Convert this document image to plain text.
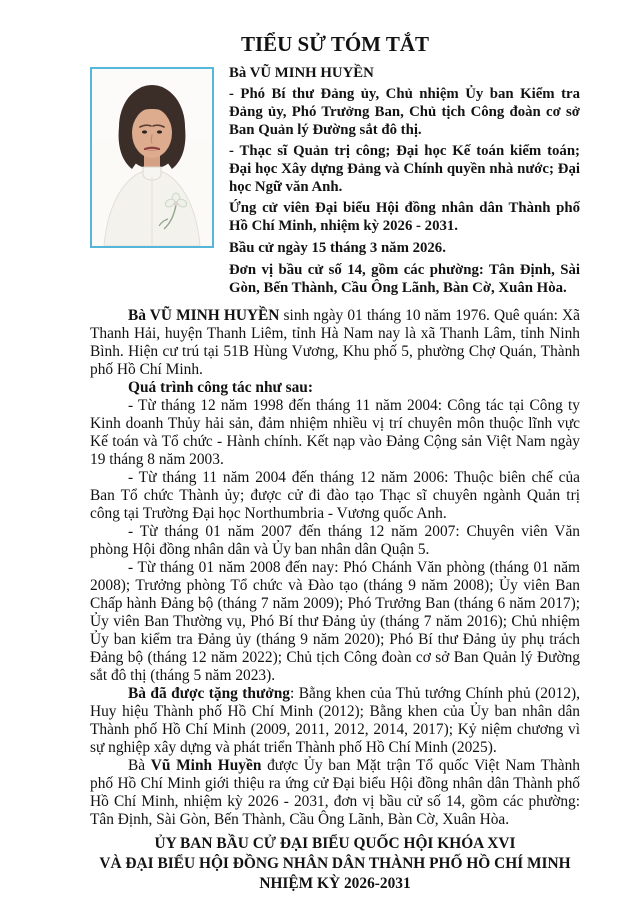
TIỂU SỬ TÓM TẮT

Bà VŨ MINH HUYỀN

- Phó Bí thư Đảng ủy, Chủ nhiệm Ủy ban Kiểm tra Đảng ủy, Phó Trưởng Ban, Chủ tịch Công đoàn cơ sở Ban Quản lý Đường sắt đô thị.

- Thạc sĩ Quản trị công; Đại học Kế toán kiểm toán; Đại học Xây dựng Đảng và Chính quyền nhà nước; Đại học Ngữ văn Anh.

Ứng cử viên Đại biểu Hội đồng nhân dân Thành phố Hồ Chí Minh, nhiệm kỳ 2026 - 2031.

Bầu cử ngày 15 tháng 3 năm 2026.

Đơn vị bầu cử số 14, gồm các phường: Tân Định, Sài Gòn, Bến Thành, Cầu Ông Lãnh, Bàn Cờ, Xuân Hòa.

Bà VŨ MINH HUYỀN sinh ngày 01 tháng 10 năm 1976. Quê quán: Xã Thanh Hải, huyện Thanh Liêm, tỉnh Hà Nam nay là xã Thanh Lâm, tỉnh Ninh Bình. Hiện cư trú tại 51B Hùng Vương, Khu phố 5, phường Chợ Quán, Thành phố Hồ Chí Minh.

Quá trình công tác như sau:

- Từ tháng 12 năm 1998 đến tháng 11 năm 2004: Công tác tại Công ty Kinh doanh Thủy hải sản, đảm nhiệm nhiều vị trí chuyên môn thuộc lĩnh vực Kế toán và Tổ chức - Hành chính. Kết nạp vào Đảng Cộng sản Việt Nam ngày 19 tháng 8 năm 2003.

- Từ tháng 11 năm 2004 đến tháng 12 năm 2006: Thuộc biên chế của Ban Tổ chức Thành ủy; được cử đi đào tạo Thạc sĩ chuyên ngành Quản trị công tại Trường Đại học Northumbria - Vương quốc Anh.

- Từ tháng 01 năm 2007 đến tháng 12 năm 2007: Chuyên viên Văn phòng Hội đồng nhân dân và Ủy ban nhân dân Quận 5.

- Từ tháng 01 năm 2008 đến nay: Phó Chánh Văn phòng (tháng 01 năm 2008); Trưởng phòng Tổ chức và Đào tạo (tháng 9 năm 2008); Ủy viên Ban Chấp hành Đảng bộ (tháng 7 năm 2009); Phó Trưởng Ban (tháng 6 năm 2017); Ủy viên Ban Thường vụ, Phó Bí thư Đảng ủy (tháng 7 năm 2016); Chủ nhiệm Ủy ban kiểm tra Đảng ủy (tháng 9 năm 2020); Phó Bí thư Đảng ủy phụ trách Đảng bộ (tháng 12 năm 2022); Chủ tịch Công đoàn cơ sở Ban Quản lý Đường sắt đô thị (tháng 5 năm 2023).

Bà đã được tặng thưởng: Bằng khen của Thủ tướng Chính phủ (2012), Huy hiệu Thành phố Hồ Chí Minh (2012); Bằng khen của Ủy ban nhân dân Thành phố Hồ Chí Minh (2009, 2011, 2012, 2014, 2017); Kỷ niệm chương vì sự nghiệp xây dựng và phát triển Thành phố Hồ Chí Minh (2025).

Bà Vũ Minh Huyền được Ủy ban Mặt trận Tổ quốc Việt Nam Thành phố Hồ Chí Minh giới thiệu ra ứng cử Đại biểu Hội đồng nhân dân Thành phố Hồ Chí Minh, nhiệm kỳ 2026 - 2031, đơn vị bầu cử số 14, gồm các phường: Tân Định, Sài Gòn, Bến Thành, Cầu Ông Lãnh, Bàn Cờ, Xuân Hòa.

ỦY BAN BẦU CỬ ĐẠI BIỂU QUỐC HỘI KHÓA XVI

VÀ ĐẠI BIỂU HỘI ĐỒNG NHÂN DÂN THÀNH PHỐ HỒ CHÍ MINH

NHIỆM KỲ 2026-2031
